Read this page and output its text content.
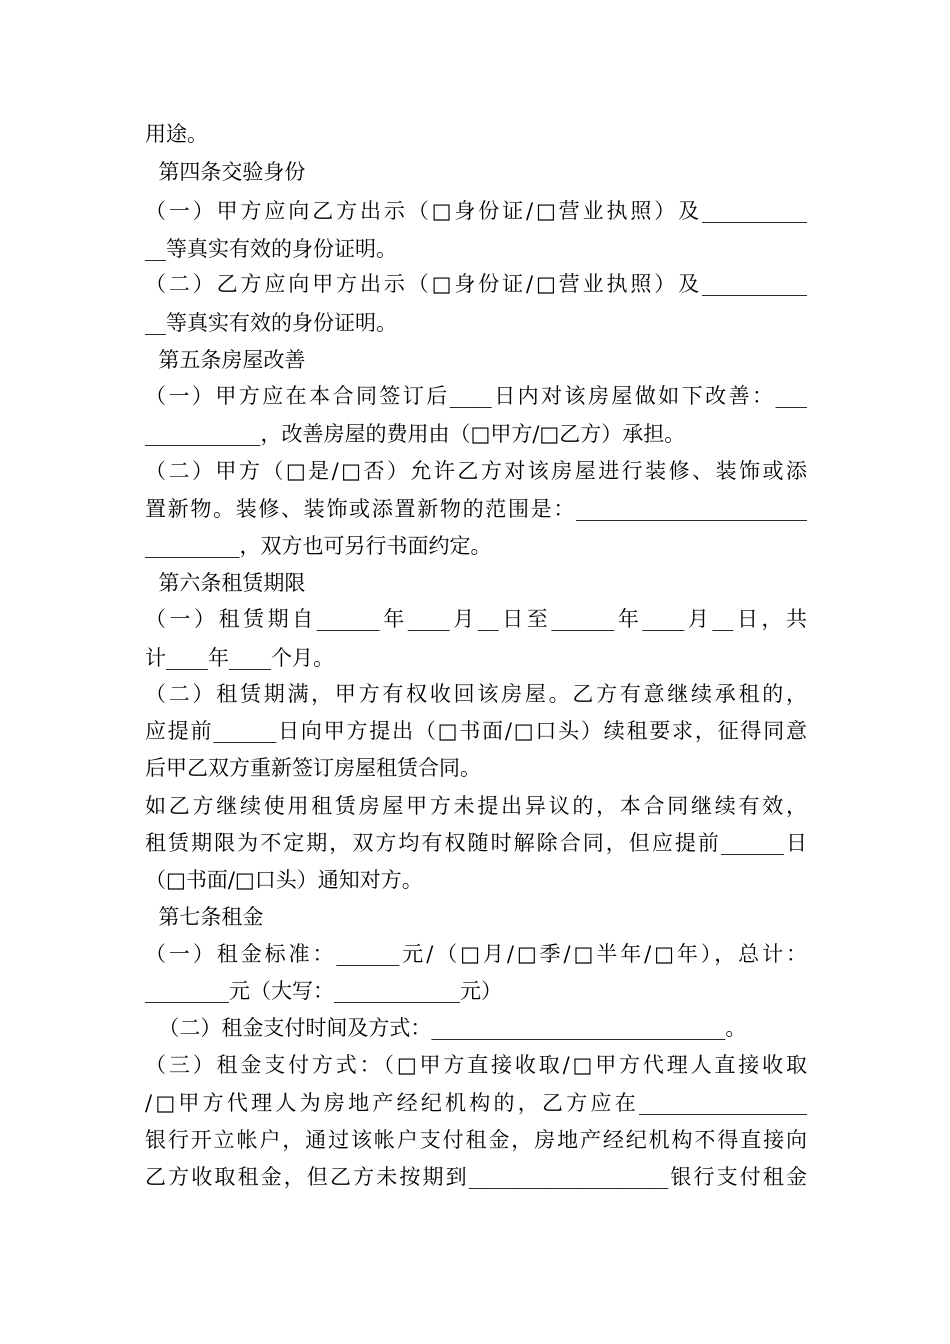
用途。
第四条交验身份
（一）甲方应向乙方出示（□身份证/□营业执照）及__________
__等真实有效的身份证明。
（二）乙方应向甲方出示（□身份证/□营业执照）及__________
__等真实有效的身份证明。
第五条房屋改善
（一）甲方应在本合同签订后____日内对该房屋做如下改善：___
___________，改善房屋的费用由（□甲方/□乙方）承担。
（二）甲方（□是/□否）允许乙方对该房屋进行装修、装饰或添
置新物。装修、装饰或添置新物的范围是：______________________
_________，双方也可另行书面约定。
第六条租赁期限
（一）租赁期自______年____月__日至______年____月__日，共
计____年____个月。
（二）租赁期满，甲方有权收回该房屋。乙方有意继续承租的，
应提前______日向甲方提出（□书面/□口头）续租要求，征得同意
后甲乙双方重新签订房屋租赁合同。
如乙方继续使用租赁房屋甲方未提出异议的，本合同继续有效，
租赁期限为不定期，双方均有权随时解除合同，但应提前______日
（□书面/□口头）通知对方。
第七条租金
（一）租金标准：______元/（□月/□季/□半年/□年），总计：
________元（大写：____________元）
（二）租金支付时间及方式：____________________________。
（三）租金支付方式：（□甲方直接收取/□甲方代理人直接收取
/□甲方代理人为房地产经纪机构的，乙方应在________________
银行开立帐户，通过该帐户支付租金，房地产经纪机构不得直接向
乙方收取租金，但乙方未按期到___________________银行支付租金
